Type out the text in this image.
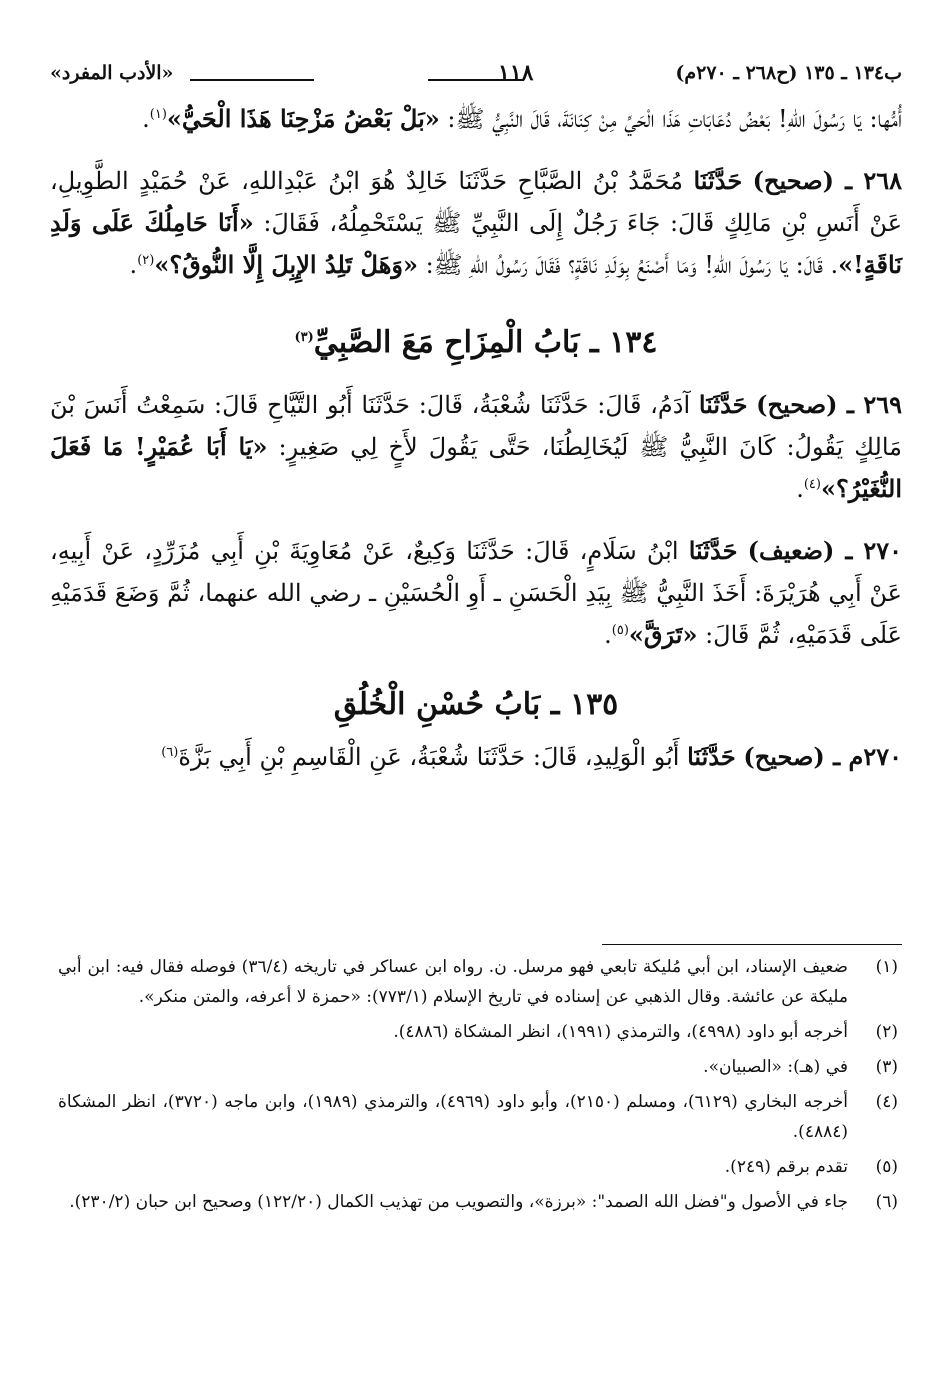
ب١٣٤ ـ ١٣٥ (ح٢٦٨ ـ ٢٧٠م)
١١٨
«الأدب المفرد»

أُمُّها: يَا رَسُولَ اللهِ! بَعْضُ دُعَابَاتِ هَذَا الْحَيِّ مِنْ كِنَانَةَ، قَالَ النَّبِيُّ ﷺ: «بَلْ بَعْضُ مَزْحِنَا هَذَا الْحَيُّ»$^{(١)}$.

٢٦٨ ـ (صحيح) حَدَّثَنَا مُحَمَّدُ بْنُ الصَّبَّاحِ حَدَّثَنَا خَالِدٌ هُوَ ابْنُ عَبْدِاللهِ، عَنْ حُمَيْدٍ الطَّوِيلِ، عَنْ أَنَسِ بْنِ مَالِكٍ قَالَ: جَاءَ رَجُلٌ إِلَى النَّبِيِّ ﷺ يَسْتَحْمِلُهُ، فَقَالَ: «أَنَا حَامِلُكَ عَلَى وَلَدِ نَاقَةٍ!». قَالَ: يَا رَسُولَ اللهِ! وَمَا أَصْنَعُ بِوَلَدِ نَاقَةٍ؟ فَقَالَ رَسُولُ اللهِ ﷺ: «وَهَلْ تَلِدُ الإِبِلَ إِلَّا النُّوقُ؟»$^{(٢)}$.

١٣٤ ـ بَابُ الْمِزَاحِ مَعَ الصَّبِيِّ$^{(٣)}$

٢٦٩ ـ (صحيح) حَدَّثَنَا آدَمُ، قَالَ: حَدَّثَنَا شُعْبَةُ، قَالَ: حَدَّثَنَا أَبُو التَّيَّاحِ قَالَ: سَمِعْتُ أَنَسَ بْنَ مَالِكٍ يَقُولُ: كَانَ النَّبِيُّ ﷺ لَيُخَالِطُنَا، حَتَّى يَقُولَ لأَخٍ لِي صَغِيرٍ: «يَا أَبَا عُمَيْرٍ! مَا فَعَلَ النُّغَيْرُ؟»$^{(٤)}$.

٢٧٠ ـ (ضعيف) حَدَّثَنَا ابْنُ سَلَامٍ، قَالَ: حَدَّثَنَا وَكِيعٌ، عَنْ مُعَاوِيَةَ بْنِ أَبِي مُزَرِّدٍ، عَنْ أَبِيهِ، عَنْ أَبِي هُرَيْرَةَ: أَخَذَ النَّبِيُّ ﷺ بِيَدِ الْحَسَنِ ـ أَوِ الْحُسَيْنِ ـ رضي الله عنهما، ثُمَّ وَضَعَ قَدَمَيْهِ عَلَى قَدَمَيْهِ، ثُمَّ قَالَ: «تَرَقَّ»$^{(٥)}$.

١٣٥ ـ بَابُ حُسْنِ الْخُلُقِ

٢٧٠م ـ (صحيح) حَدَّثَنَا أَبُو الْوَلِيدِ، قَالَ: حَدَّثَنَا شُعْبَةُ، عَنِ الْقَاسِمِ بْنِ أَبِي بَزَّةَ$^{(٦)}$

(١)
ضعيف الإسناد، ابن أبي مُليكة تابعي فهو مرسل. ن. رواه ابن عساكر في تاريخه (٣٦/٤) فوصله فقال فيه: ابن أبي مليكة عن عائشة. وقال الذهبي عن إسناده في تاريخ الإسلام (٧٧٣/١): «حمزة لا أعرفه، والمتن منكر».
(٢)
أخرجه أبو داود (٤٩٩٨)، والترمذي (١٩٩١)، انظر المشكاة (٤٨٨٦).
(٣)
في (هـ): «الصبيان».
(٤)
أخرجه البخاري (٦١٢٩)، ومسلم (٢١٥٠)، وأبو داود (٤٩٦٩)، والترمذي (١٩٨٩)، وابن ماجه (٣٧٢٠)، انظر المشكاة (٤٨٨٤).
(٥)
تقدم برقم (٢٤٩).
(٦)
جاء في الأصول و"فضل الله الصمد": «برزة»، والتصويب من تهذيب الكمال (١٢٢/٢٠) وصحيح ابن حبان (٢٣٠/٢).
